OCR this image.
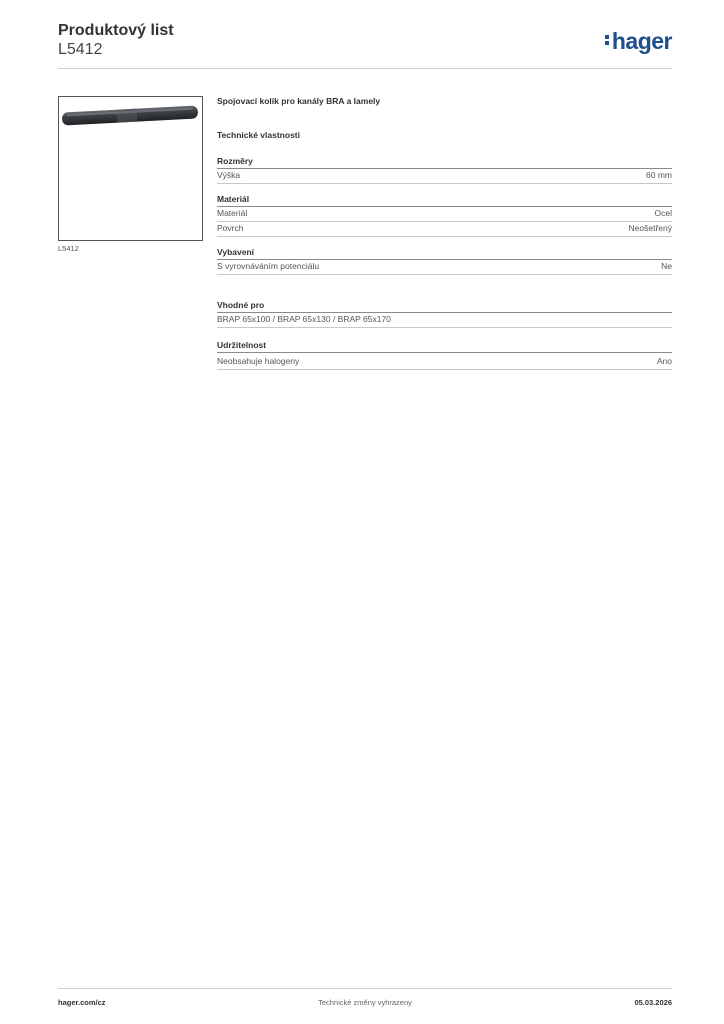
Produktový list
L5412	hager
L5412
Spojovací kolík pro kanály BRA a lamely
Technické vlastnosti
Rozměry
Výška	60 mm
Materiál
Materiál	Ocel
Povrch	Neošetřený
Vybavení
S vyrovnáváním potenciálu	Ne
Vhodné pro
BRAP 65x100 / BRAP 65x130 / BRAP 65x170
Udržitelnost
Neobsahuje halogeny	Ano
hager.com/cz	Technické změny vyhrazeny	05.03.2026
